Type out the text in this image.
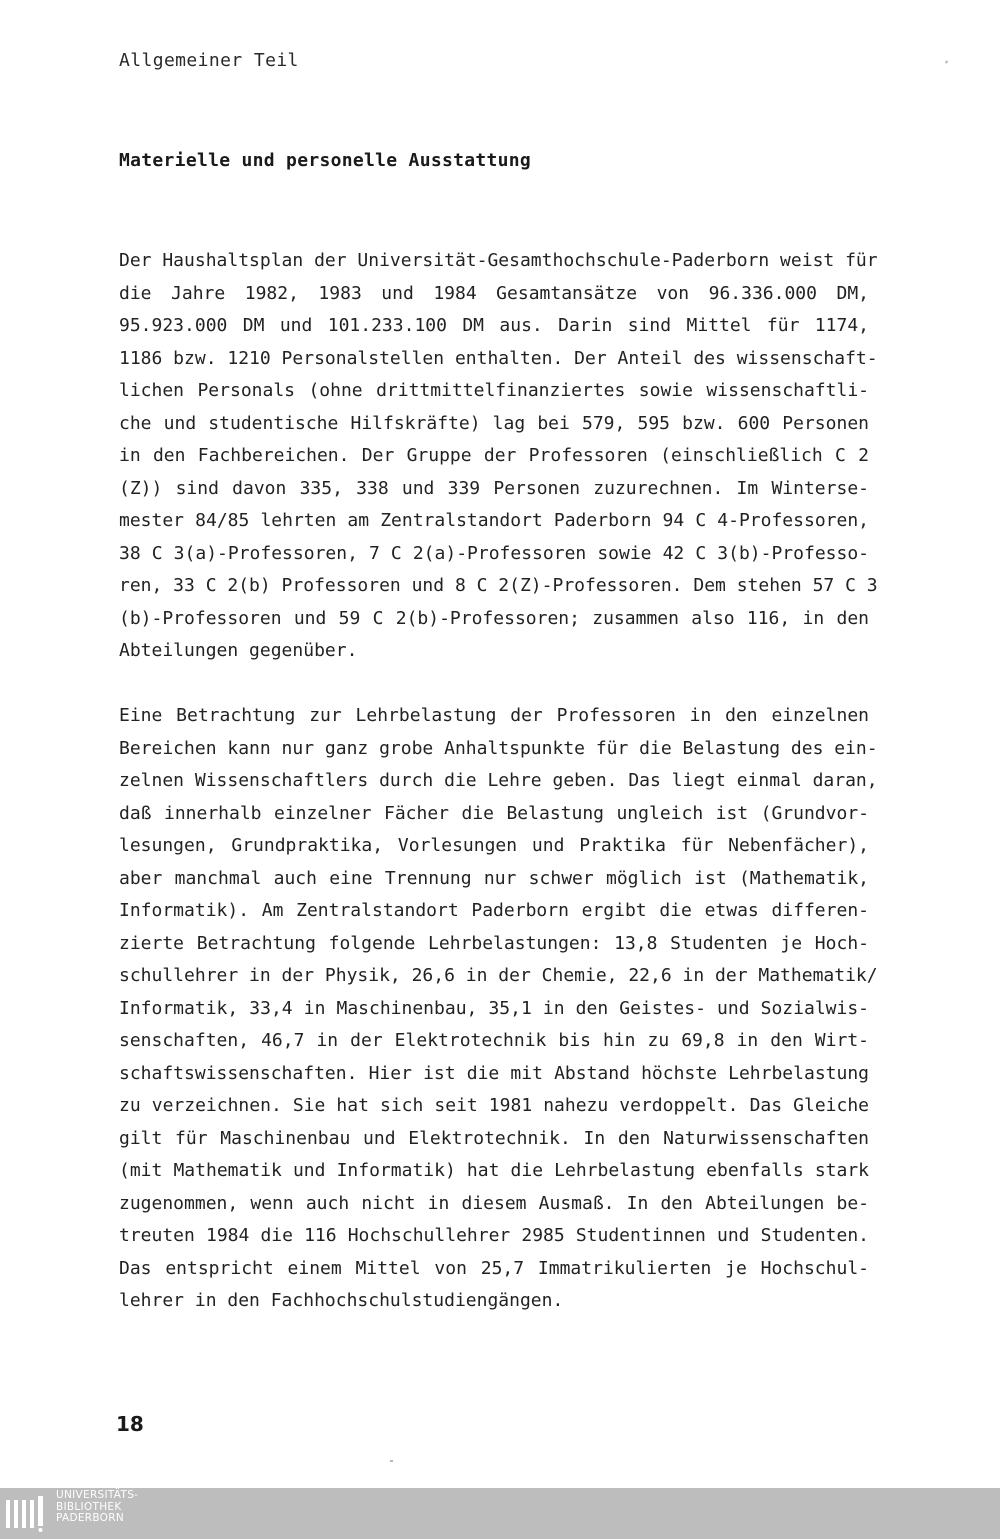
Allgemeiner Teil
Materielle und personelle Ausstattung
Der Haushaltsplan der Universität-Gesamthochschule-Paderborn weist für
die Jahre 1982, 1983 und 1984 Gesamtansätze von 96.336.000 DM,
95.923.000 DM und 101.233.100 DM aus. Darin sind Mittel für 1174,
1186 bzw. 1210 Personalstellen enthalten. Der Anteil des wissenschaft-
lichen Personals (ohne drittmittelfinanziertes sowie wissenschaftli-
che und studentische Hilfskräfte) lag bei 579, 595 bzw. 600 Personen
in den Fachbereichen. Der Gruppe der Professoren (einschließlich C 2
(Z)) sind davon 335, 338 und 339 Personen zuzurechnen. Im Winterse-
mester 84/85 lehrten am Zentralstandort Paderborn 94 C 4-Professoren,
38 C 3(a)-Professoren, 7 C 2(a)-Professoren sowie 42 C 3(b)-Professo-
ren, 33 C 2(b) Professoren und 8 C 2(Z)-Professoren. Dem stehen 57 C 3
(b)-Professoren und 59 C 2(b)-Professoren; zusammen also 116, in den
Abteilungen gegenüber.
Eine Betrachtung zur Lehrbelastung der Professoren in den einzelnen
Bereichen kann nur ganz grobe Anhaltspunkte für die Belastung des ein-
zelnen Wissenschaftlers durch die Lehre geben. Das liegt einmal daran,
daß innerhalb einzelner Fächer die Belastung ungleich ist (Grundvor-
lesungen, Grundpraktika, Vorlesungen und Praktika für Nebenfächer),
aber manchmal auch eine Trennung nur schwer möglich ist (Mathematik,
Informatik). Am Zentralstandort Paderborn ergibt die etwas differen-
zierte Betrachtung folgende Lehrbelastungen: 13,8 Studenten je Hoch-
schullehrer in der Physik, 26,6 in der Chemie, 22,6 in der Mathematik/
Informatik, 33,4 in Maschinenbau, 35,1 in den Geistes- und Sozialwis-
senschaften, 46,7 in der Elektrotechnik bis hin zu 69,8 in den Wirt-
schaftswissenschaften. Hier ist die mit Abstand höchste Lehrbelastung
zu verzeichnen. Sie hat sich seit 1981 nahezu verdoppelt. Das Gleiche
gilt für Maschinenbau und Elektrotechnik. In den Naturwissenschaften
(mit Mathematik und Informatik) hat die Lehrbelastung ebenfalls stark
zugenommen, wenn auch nicht in diesem Ausmaß. In den Abteilungen be-
treuten 1984 die 116 Hochschullehrer 2985 Studentinnen und Studenten.
Das entspricht einem Mittel von 25,7 Immatrikulierten je Hochschul-
lehrer in den Fachhochschulstudiengängen.
18
UNIVERSITÄTS-
BIBLIOTHEK
PADERBORN
